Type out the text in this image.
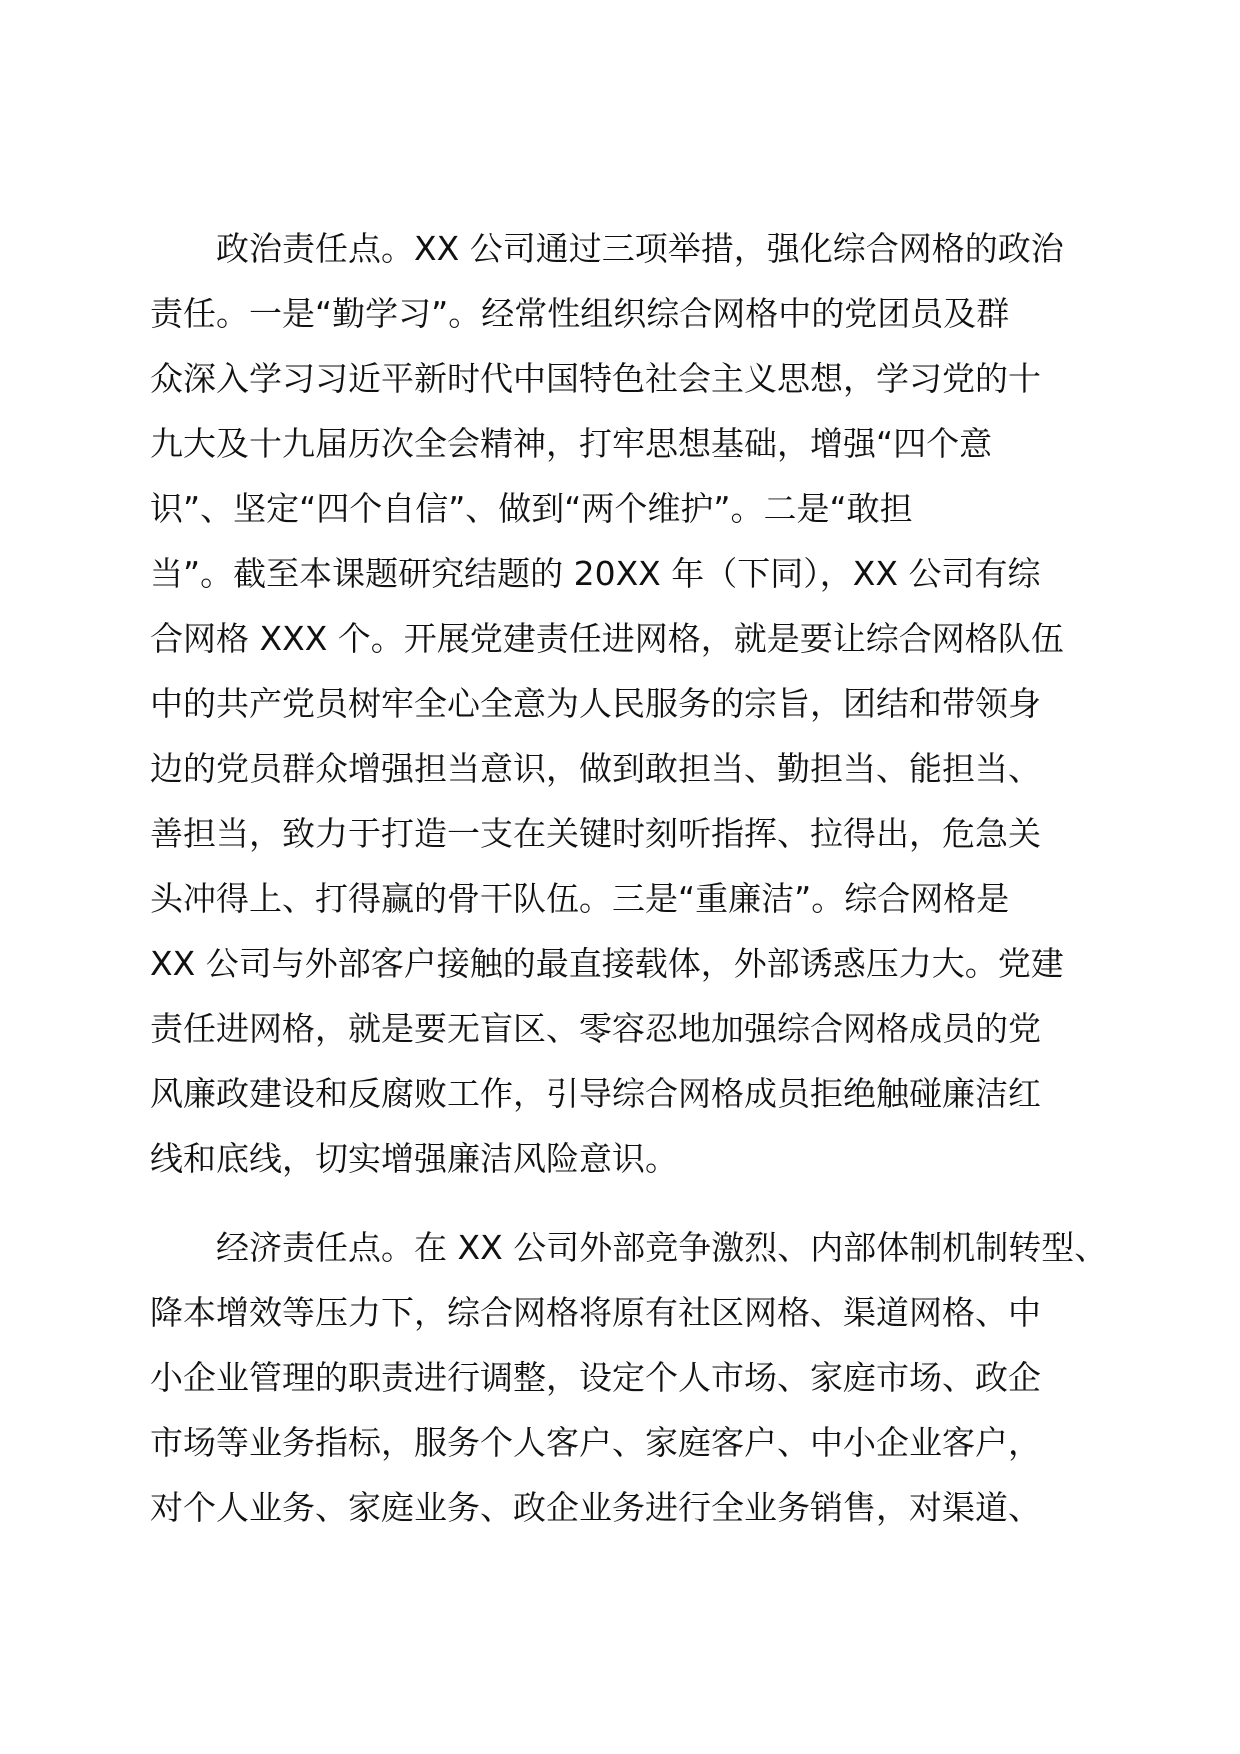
　　政治责任点。XX 公司通过三项举措，强化综合网格的政治
责任。一是“勤学习”。经常性组织综合网格中的党团员及群
众深入学习习近平新时代中国特色社会主义思想，学习党的十
九大及十九届历次全会精神，打牢思想基础，增强“四个意
识”、坚定“四个自信”、做到“两个维护”。二是“敢担
当”。截至本课题研究结题的 20XX 年（下同），XX 公司有综
合网格 XXX 个。开展党建责任进网格，就是要让综合网格队伍
中的共产党员树牢全心全意为人民服务的宗旨，团结和带领身
边的党员群众增强担当意识，做到敢担当、勤担当、能担当、
善担当，致力于打造一支在关键时刻听指挥、拉得出，危急关
头冲得上、打得赢的骨干队伍。三是“重廉洁”。综合网格是
XX 公司与外部客户接触的最直接载体，外部诱惑压力大。党建
责任进网格，就是要无盲区、零容忍地加强综合网格成员的党
风廉政建设和反腐败工作，引导综合网格成员拒绝触碰廉洁红
线和底线，切实增强廉洁风险意识。
　　经济责任点。在 XX 公司外部竞争激烈、内部体制机制转型、
降本增效等压力下，综合网格将原有社区网格、渠道网格、中
小企业管理的职责进行调整，设定个人市场、家庭市场、政企
市场等业务指标，服务个人客户、家庭客户、中小企业客户，
对个人业务、家庭业务、政企业务进行全业务销售，对渠道、
